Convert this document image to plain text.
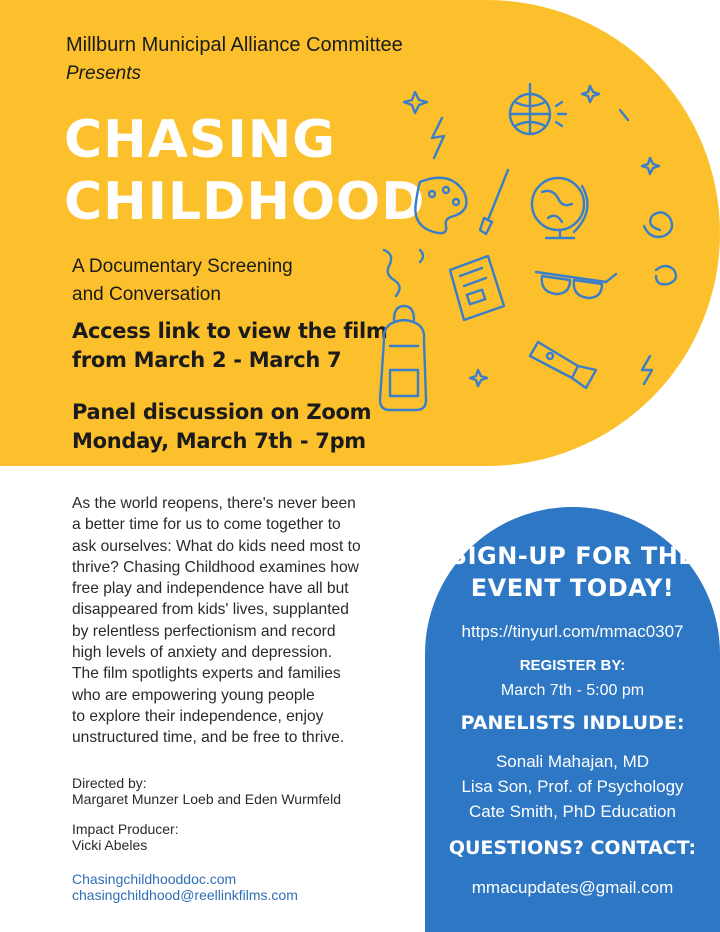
Millburn Municipal Alliance Committee
Presents
CHASING
CHILDHOOD
A Documentary Screening
and Conversation
Access link to view the film
from March 2 - March 7
Panel discussion on Zoom
Monday, March 7th - 7pm
As the world reopens, there's never been
a better time for us to come together to
ask ourselves: What do kids need most to
thrive? Chasing Childhood examines how
free play and independence have all but
disappeared from kids' lives, supplanted
by relentless perfectionism and record
high levels of anxiety and depression.
The film spotlights experts and families
who are empowering young people
to explore their independence, enjoy
unstructured time, and be free to thrive.
Directed by:
Margaret Munzer Loeb and Eden Wurmfeld
Impact Producer:
Vicki Abeles
Chasingchildhooddoc.com
chasingchildhood@reellinkfilms.com
SIGN-UP FOR THE
EVENT TODAY!
https://tinyurl.com/mmac0307
REGISTER BY:
March 7th - 5:00 pm
PANELISTS INDLUDE:
Sonali Mahajan, MD
Lisa Son, Prof. of Psychology
Cate Smith, PhD Education
QUESTIONS? CONTACT:
mmacupdates@gmail.com
